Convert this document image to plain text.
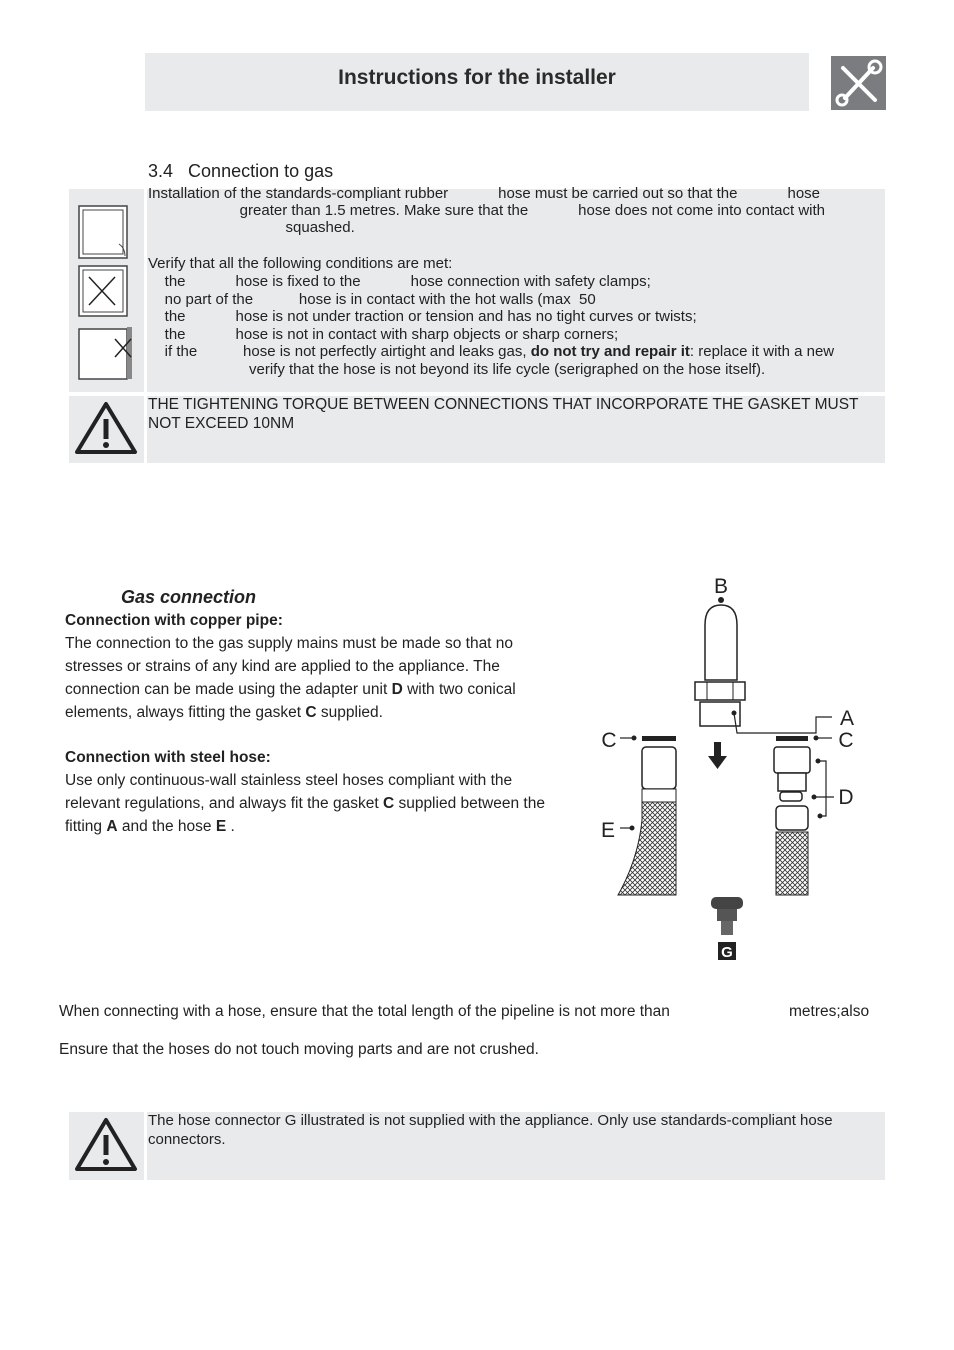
Instructions for the installer
3.4 Connection to gas
Installation of the standards-compliant rubber            hose must be carried out so that the            hose
greater than 1.5 metres. Make sure that the            hose does not come into contact with
squashed.
Verify that all the following conditions are met:
the            hose is fixed to the            hose connection with safety clamps;
no part of the           hose is in contact with the hot walls (max  50
the            hose is not under traction or tension and has no tight curves or twists;
the            hose is not in contact with sharp objects or sharp corners;
if the           hose is not perfectly airtight and leaks gas, do not try and repair it: replace it with a new
verify that the hose is not beyond its life cycle (serigraphed on the hose itself).
THE TIGHTENING TORQUE BETWEEN CONNECTIONS THAT INCORPORATE THE GASKET MUST NOT EXCEED 10NM
Gas connection
Connection with copper pipe:
The connection to the gas supply mains must be made so that no stresses or strains of any kind are applied to the appliance. The connection can be made using the adapter unit D with two conical elements, always fitting the gasket C supplied.
Connection with steel hose:
Use only continuous-wall stainless steel hoses compliant with the relevant regulations, and always fit the gasket C supplied between the fitting A and the hose E .
B
A
C	C
D
E
G
When connecting with a hose, ensure that the total length of the pipeline is not more than	metres;also
Ensure that the hoses do not touch moving parts and are not crushed.
The hose connector G illustrated is not supplied with the appliance. Only use standards-compliant hose connectors.
